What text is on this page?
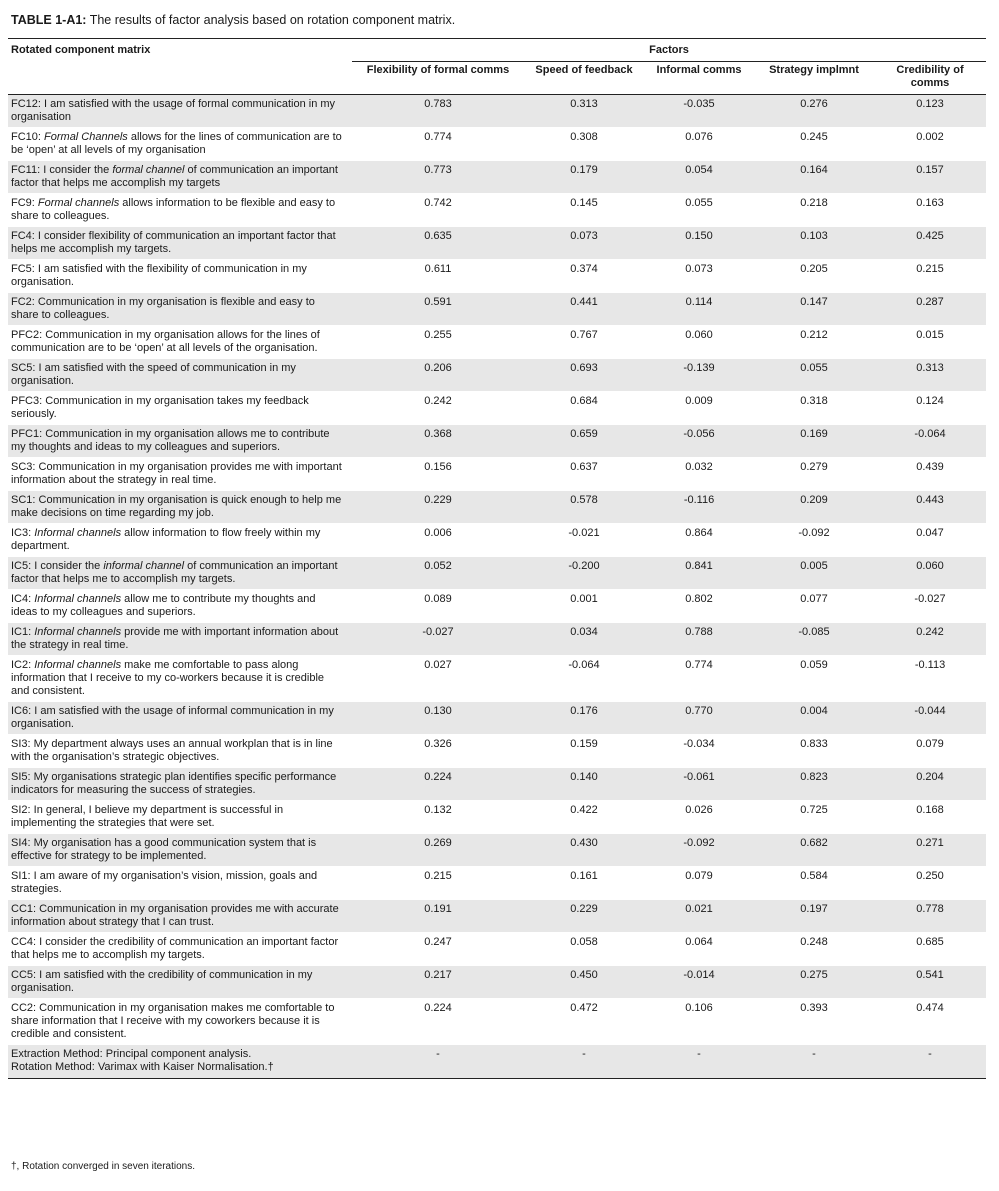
TABLE 1-A1: The results of factor analysis based on rotation component matrix.
Rotated component matrix	Factors				
	Flexibility of formal comms	Speed of feedback	Informal comms	Strategy implmnt	Credibility of comms
FC12: I am satisfied with the usage of formal communication in my organisation	0.783	0.313	-0.035	0.276	0.123
FC10: Formal Channels allows for the lines of communication are to be ‘open’ at all levels of my organisation	0.774	0.308	0.076	0.245	0.002
FC11: I consider the formal channel of communication an important factor that helps me accomplish my targets	0.773	0.179	0.054	0.164	0.157
FC9: Formal channels allows information to be flexible and easy to share to colleagues.	0.742	0.145	0.055	0.218	0.163
FC4: I consider flexibility of communication an important factor that helps me accomplish my targets.	0.635	0.073	0.150	0.103	0.425
FC5: I am satisfied with the flexibility of communication in my organisation.	0.611	0.374	0.073	0.205	0.215
FC2: Communication in my organisation is flexible and easy to share to colleagues.	0.591	0.441	0.114	0.147	0.287
PFC2: Communication in my organisation allows for the lines of communication are to be ‘open’ at all levels of the organisation.	0.255	0.767	0.060	0.212	0.015
SC5: I am satisfied with the speed of communication in my organisation.	0.206	0.693	-0.139	0.055	0.313
PFC3: Communication in my organisation takes my feedback seriously.	0.242	0.684	0.009	0.318	0.124
PFC1: Communication in my organisation allows me to contribute my thoughts and ideas to my colleagues and superiors.	0.368	0.659	-0.056	0.169	-0.064
SC3: Communication in my organisation provides me with important information about the strategy in real time.	0.156	0.637	0.032	0.279	0.439
SC1: Communication in my organisation is quick enough to help me make decisions on time regarding my job.	0.229	0.578	-0.116	0.209	0.443
IC3: Informal channels allow information to flow freely within my department.	0.006	-0.021	0.864	-0.092	0.047
IC5: I consider the informal channel of communication an important factor that helps me to accomplish my targets.	0.052	-0.200	0.841	0.005	0.060
IC4: Informal channels allow me to contribute my thoughts and ideas to my colleagues and superiors.	0.089	0.001	0.802	0.077	-0.027
IC1: Informal channels provide me with important information about the strategy in real time.	-0.027	0.034	0.788	-0.085	0.242
IC2: Informal channels make me comfortable to pass along information that I receive to my co-workers because it is credible and consistent.	0.027	-0.064	0.774	0.059	-0.113
IC6: I am satisfied with the usage of informal communication in my organisation.	0.130	0.176	0.770	0.004	-0.044
SI3: My department always uses an annual workplan that is in line with the organisation’s strategic objectives.	0.326	0.159	-0.034	0.833	0.079
SI5: My organisations strategic plan identifies specific performance indicators for measuring the success of strategies.	0.224	0.140	-0.061	0.823	0.204
SI2: In general, I believe my department is successful in implementing the strategies that were set.	0.132	0.422	0.026	0.725	0.168
SI4: My organisation has a good communication system that is effective for strategy to be implemented.	0.269	0.430	-0.092	0.682	0.271
SI1: I am aware of my organisation’s vision, mission, goals and strategies.	0.215	0.161	0.079	0.584	0.250
CC1: Communication in my organisation provides me with accurate information about strategy that I can trust.	0.191	0.229	0.021	0.197	0.778
CC4: I consider the credibility of communication an important factor that helps me to accomplish my targets.	0.247	0.058	0.064	0.248	0.685
CC5: I am satisfied with the credibility of communication in my organisation.	0.217	0.450	-0.014	0.275	0.541
CC2: Communication in my organisation makes me comfortable to share information that I receive with my coworkers because it is credible and consistent.	0.224	0.472	0.106	0.393	0.474
Extraction Method: Principal component analysis.
Rotation Method: Varimax with Kaiser Normalisation.†	-	-	-	-	-
†, Rotation converged in seven iterations.
